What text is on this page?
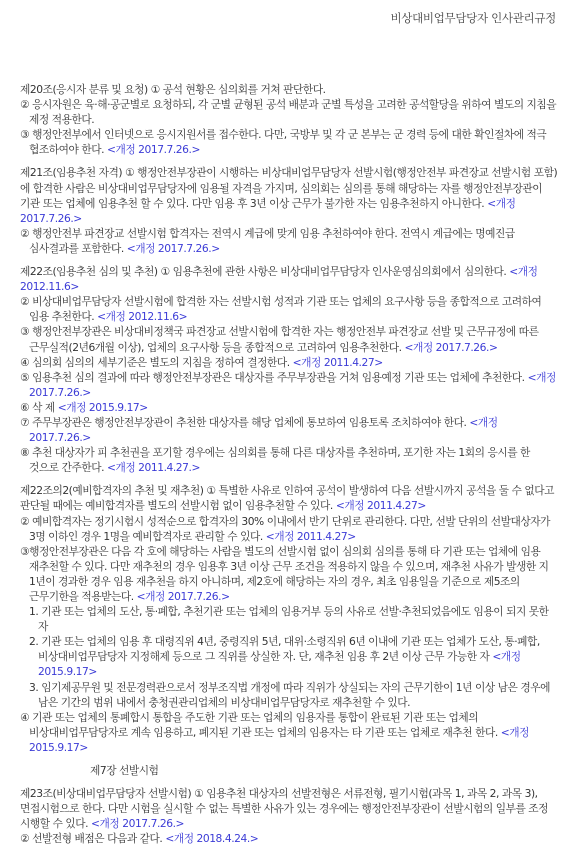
비상대비업무담당자 인사관리규정

제20조(응시자 분류 및 요청) ① 공석 현황은 심의회를 거쳐 판단한다.

② 응시자원은 육·해·공군별로 요청하되, 각 군별 균형된 공석 배분과 군별 특성을 고려한 공석할당을 위하여 별도의 지침을 제정 적용한다.

③ 행정안전부에서 인터넷으로 응시지원서를 접수한다. 다만, 국방부 및 각 군 본부는 군 경력 등에 대한 확인절차에 적극 협조하여야 한다. <개정 2017.7.26.>

제21조(임용추천 자격) ① 행정안전부장관이 시행하는 비상대비업무담당자 선발시험(행정안전부 파견장교 선발시험 포함)에 합격한 사람은 비상대비업무담당자에 임용될 자격을 가지며, 심의회는 심의를 통해 해당하는 자를 행정안전부장관이 기관 또는 업체에 임용추천 할 수 있다. 다만 임용 후 3년 이상 근무가 불가한 자는 임용추천하지 아니한다. <개정 2017.7.26.>

② 행정안전부 파견장교 선발시험 합격자는 전역시 계급에 맞게 임용 추천하여야 한다. 전역시 계급에는 명예진급 심사결과를 포함한다. <개정 2017.7.26.>

제22조(임용추천 심의 및 추천) ① 임용추천에 관한 사항은 비상대비업무담당자 인사운영심의회에서 심의한다. <개정 2012.11.6>

② 비상대비업무담당자 선발시험에 합격한 자는 선발시험 성적과 기관 또는 업체의 요구사항 등을 종합적으로 고려하여 임용 추천한다. <개정 2012.11.6>

③ 행정안전부장관은 비상대비정책국 파견장교 선발시험에 합격한 자는 행정안전부 파견장교 선발 및 근무규정에 따른 근무실적(2년6개월 이상), 업체의 요구사항 등을 종합적으로 고려하여 임용추천한다. <개정 2017.7.26.>

④ 심의회 심의의 세부기준은 별도의 지침을 정하여 결정한다. <개정 2011.4.27>

⑤ 임용추천 심의 결과에 따라 행정안전부장관은 대상자를 주무부장관을 거쳐 임용예정 기관 또는 업체에 추천한다. <개정 2017.7.26.>

⑥ 삭 제 <개정 2015.9.17>

⑦ 주무부장관은 행정안전부장관이 추천한 대상자를 해당 업체에 통보하여 임용토록 조치하여야 한다. <개정 2017.7.26.>

⑧ 추천 대상자가 피 추천권을 포기할 경우에는 심의회를 통해 다른 대상자를 추천하며, 포기한 자는 1회의 응시를 한 것으로 간주한다. <개정 2011.4.27.>

제22조의2(예비합격자의 추천 및 재추천) ① 특별한 사유로 인하여 공석이 발생하여 다음 선발시까지 공석을 둘 수 없다고 판단될 때에는 예비합격자를 별도의 선발시험 없이 임용추천할 수 있다. <개정 2011.4.27>

② 예비합격자는 정기시험시 성적순으로 합격자의 30% 이내에서 반기 단위로 관리한다. 다만, 선발 단위의 선발대상자가 3명 이하인 경우 1명을 예비합격자로 관리할 수 있다. <개정 2011.4.27>

③행정안전부장관은 다음 각 호에 해당하는 사람을 별도의 선발시험 없이 심의회 심의를 통해 타 기관 또는 업체에 임용 재추천할 수 있다. 다만 재추천의 경우 임용후 3년 이상 근무 조건을 적용하지 않을 수 있으며, 재추천 사유가 발생한 지 1년이 경과한 경우 임용 재추천을 하지 아니하며, 제2호에 해당하는 자의 경우, 최초 임용일을 기준으로 제5조의 근무기한을 적용받는다. <개정 2017.7.26.>

1. 기관 또는 업체의 도산, 통·폐합, 추천기관 또는 업체의 임용거부 등의 사유로 선발·추천되었음에도 임용이 되지 못한 자

2. 기관 또는 업체의 임용 후 대령직위 4년, 중령직위 5년, 대위·소령직위 6년 이내에 기관 또는 업체가 도산, 통·폐합, 비상대비업무담당자 지정해제 등으로 그 직위를 상실한 자. 단, 재추천 임용 후 2년 이상 근무 가능한 자 <개정 2015.9.17>

3. 임기제공무원 및 전문경력관으로서 정부조직법 개정에 따라 직위가 상실되는 자의 근무기한이 1년 이상 남은 경우에 남은 기간의 범위 내에서 충청권관리업체의 비상대비업무담당자로 재추천할 수 있다.

④ 기관 또는 업체의 통폐합시 통합을 주도한 기관 또는 업체의 임용자를 통합이 완료된 기관 또는 업체의 비상대비업무담당자로 계속 임용하고, 폐지된 기관 또는 업체의 임용자는 타 기관 또는 업체로 재추천 한다. <개정 2015.9.17>

제7장 선발시험

제23조(비상대비업무담당자 선발시험) ① 임용추천 대상자의 선발전형은 서류전형, 필기시험(과목 1, 과목 2, 과목 3), 면접시험으로 한다. 다만 시험을 실시할 수 없는 특별한 사유가 있는 경우에는 행정안전부장관이 선발시험의 일부를 조정 시행할 수 있다. <개정 2017.7.26.>

② 선발전형 배점은 다음과 같다. <개정 2018.4.24.>
